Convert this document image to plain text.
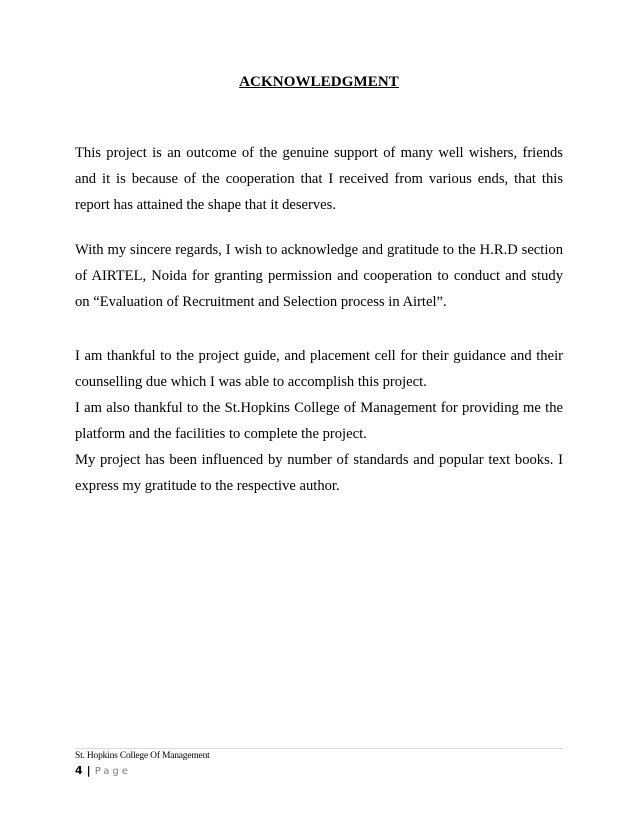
ACKNOWLEDGMENT
This project is an outcome of the genuine support of many well wishers, friends
and it is because of the cooperation that I received from various ends, that this
report has attained the shape that it deserves.
With my sincere regards, I wish to acknowledge and gratitude to the H.R.D section
of AIRTEL, Noida for granting permission and cooperation to conduct and study
on “Evaluation of Recruitment and Selection process in Airtel”.
I am thankful to the project guide, and placement cell for their guidance and their
counselling due which I was able to accomplish this project.
I am also thankful to the St.Hopkins College of Management for providing me the
platform and the facilities to complete the project.
My project has been influenced by number of standards and popular text books. I
express my gratitude to the respective author.
St. Hopkins College Of Management
4 | Page
